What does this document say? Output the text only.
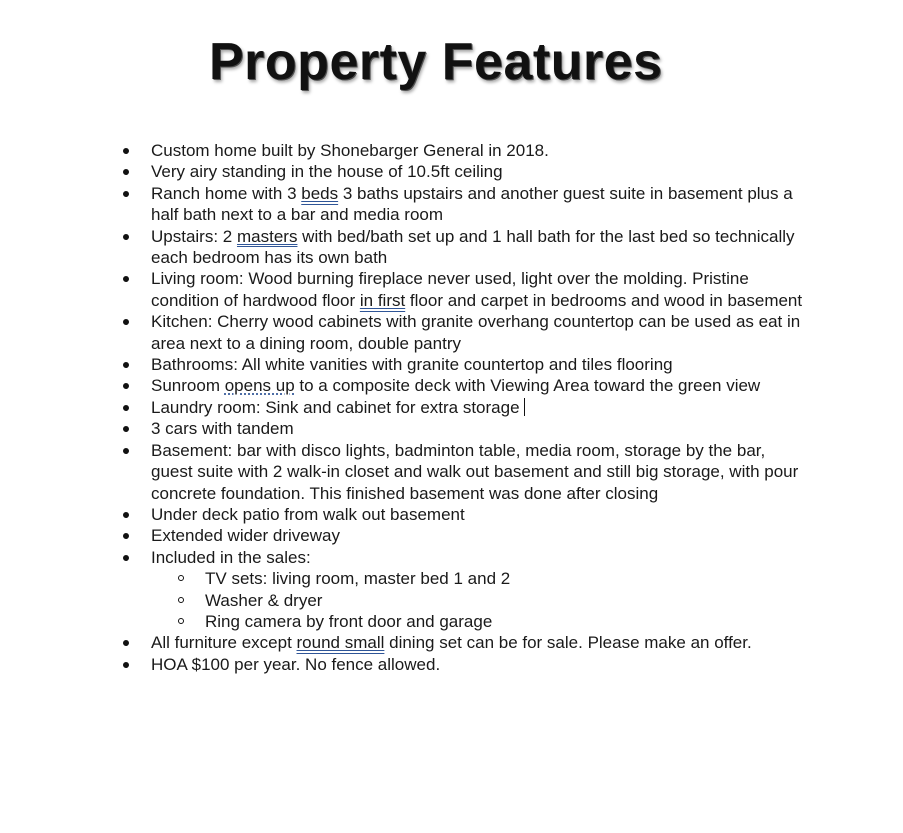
Property Features
Custom home built by Shonebarger General in 2018.
Very airy standing in the house of 10.5ft ceiling
Ranch home with 3 beds 3 baths upstairs and another guest suite in basement plus a half bath next to a bar and media room
Upstairs: 2 masters with bed/bath set up and 1 hall bath for the last bed so technically each bedroom has its own bath
Living room: Wood burning fireplace never used, light over the molding. Pristine condition of hardwood floor in first floor and carpet in bedrooms and wood in basement
Kitchen: Cherry wood cabinets with granite overhang countertop can be used as eat in area next to a dining room, double pantry
Bathrooms: All white vanities with granite countertop and tiles flooring
Sunroom opens up to a composite deck with Viewing Area toward the green view
Laundry room: Sink and cabinet for extra storage
3 cars with tandem
Basement: bar with disco lights, badminton table, media room, storage by the bar, guest suite with 2 walk-in closet and walk out basement and still big storage, with pour concrete foundation. This finished basement was done after closing
Under deck patio from walk out basement
Extended wider driveway
Included in the sales:
TV sets: living room, master bed 1 and 2
Washer & dryer
Ring camera by front door and garage
All furniture except round small dining set can be for sale. Please make an offer.
HOA $100 per year. No fence allowed.
